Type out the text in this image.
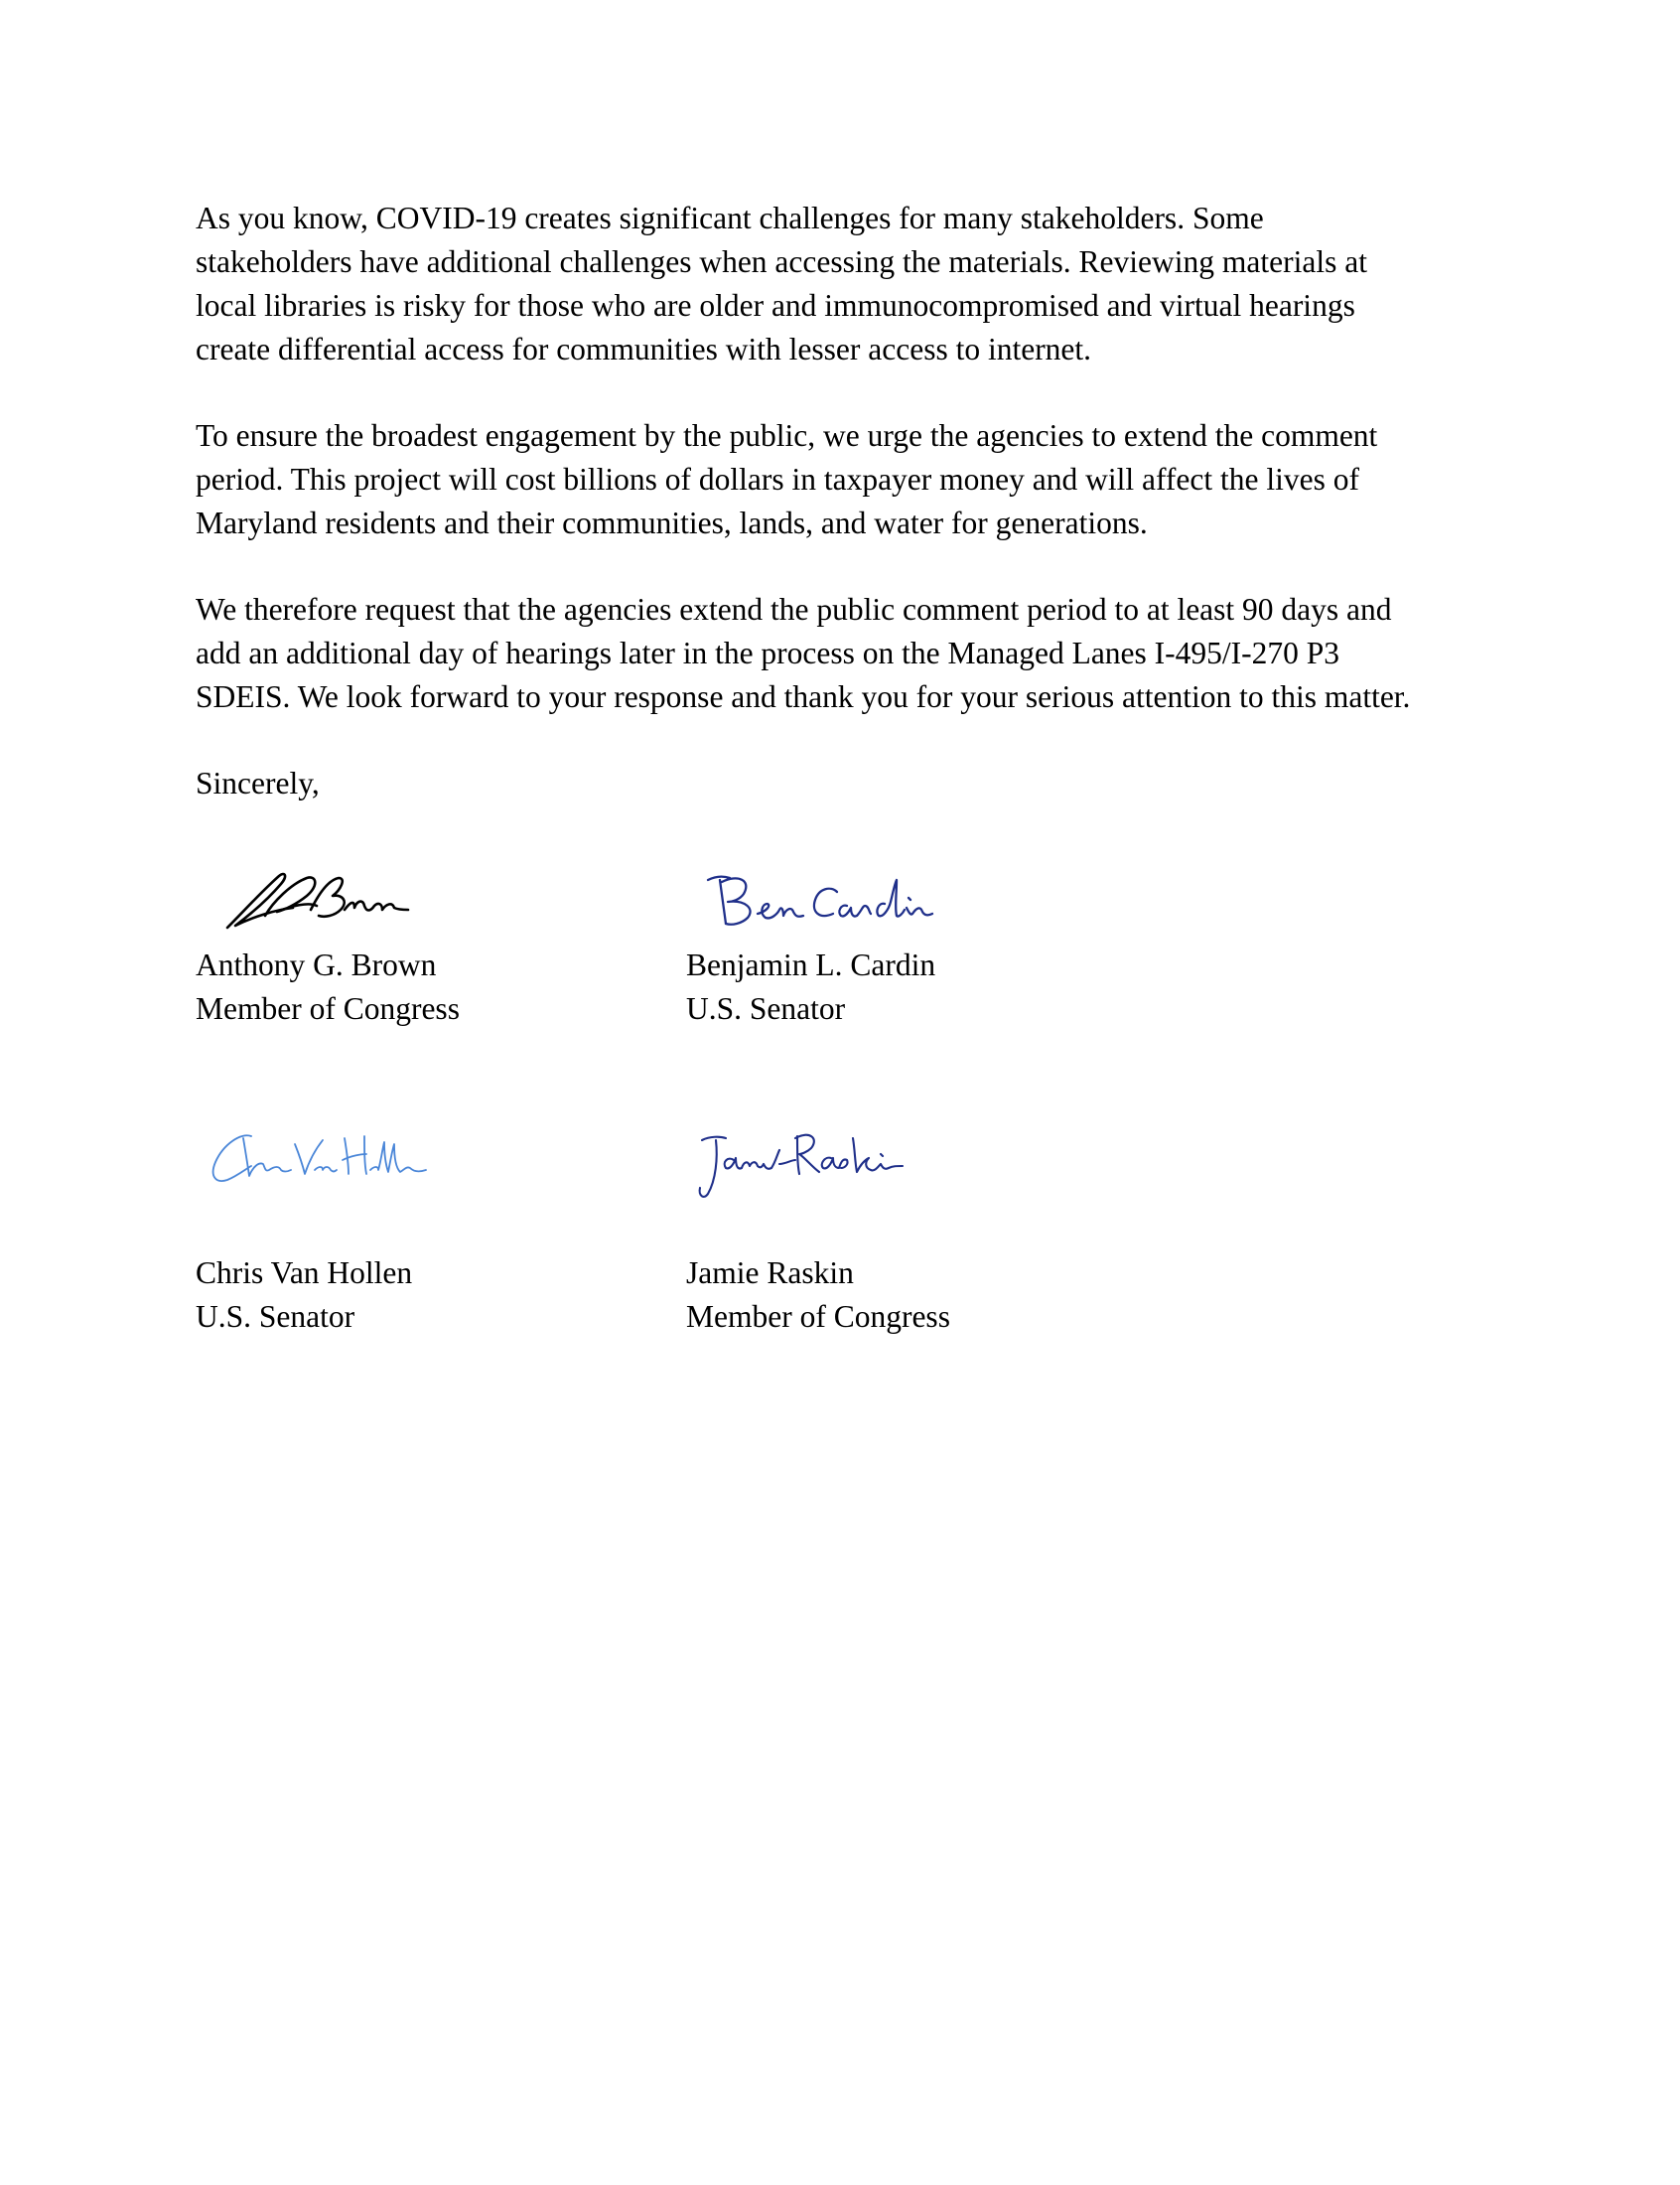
As you know, COVID-19 creates significant challenges for many stakeholders. Some
stakeholders have additional challenges when accessing the materials. Reviewing materials at
local libraries is risky for those who are older and immunocompromised and virtual hearings
create differential access for communities with lesser access to internet.

To ensure the broadest engagement by the public, we urge the agencies to extend the comment
period. This project will cost billions of dollars in taxpayer money and will affect the lives of
Maryland residents and their communities, lands, and water for generations.

We therefore request that the agencies extend the public comment period to at least 90 days and
add an additional day of hearings later in the process on the Managed Lanes I-495/I-270 P3
SDEIS. We look forward to your response and thank you for your serious attention to this matter.

Sincerely,

Anthony G. Brown
Member of Congress
Benjamin L. Cardin
U.S. Senator
Chris Van Hollen
U.S. Senator
Jamie Raskin
Member of Congress
